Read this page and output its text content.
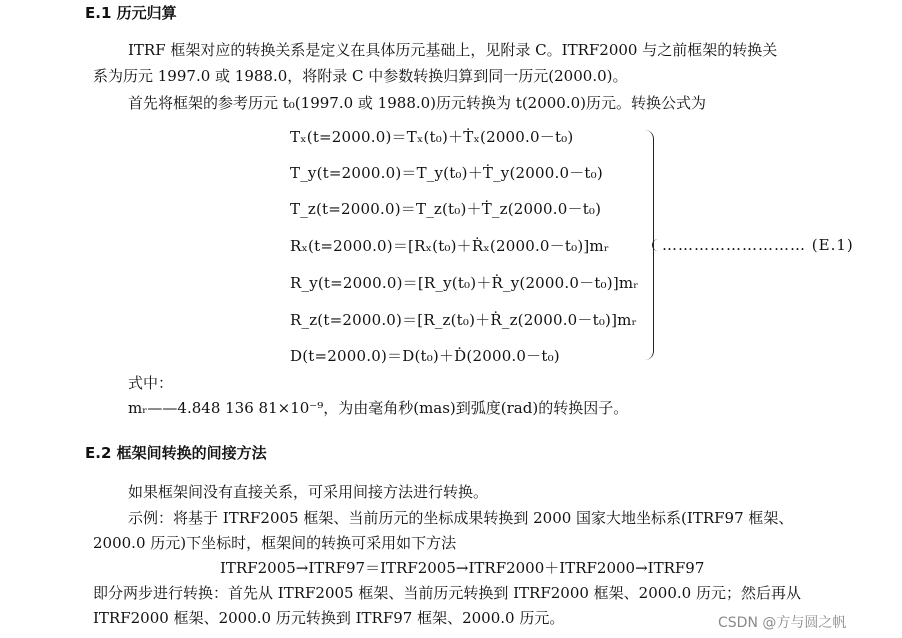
E.1 历元归算
ITRF 框架对应的转换关系是定义在具体历元基础上，见附录 C。ITRF2000 与之前框架的转换关
系为历元 1997.0 或 1988.0，将附录 C 中参数转换归算到同一历元(2000.0)。
首先将框架的参考历元 t₀(1997.0 或 1988.0)历元转换为 t(2000.0)历元。转换公式为
Tₓ(t=2000.0)＝Tₓ(t₀)＋Ṫₓ(2000.0－t₀)
T_y(t=2000.0)＝T_y(t₀)＋Ṫ_y(2000.0－t₀)
T_z(t=2000.0)＝T_z(t₀)＋Ṫ_z(2000.0－t₀)
Rₓ(t=2000.0)＝[Rₓ(t₀)＋Ṙₓ(2000.0－t₀)]mᵣ
R_y(t=2000.0)＝[R_y(t₀)＋Ṙ_y(2000.0－t₀)]mᵣ
R_z(t=2000.0)＝[R_z(t₀)＋Ṙ_z(2000.0－t₀)]mᵣ
D(t=2000.0)＝D(t₀)＋Ḋ(2000.0－t₀)
……………………… (E.1)
式中：
mᵣ——4.848 136 81×10⁻⁹，为由毫角秒(mas)到弧度(rad)的转换因子。
E.2 框架间转换的间接方法
如果框架间没有直接关系，可采用间接方法进行转换。
示例：将基于 ITRF2005 框架、当前历元的坐标成果转换到 2000 国家大地坐标系(ITRF97 框架、
2000.0 历元)下坐标时，框架间的转换可采用如下方法
ITRF2005→ITRF97＝ITRF2005→ITRF2000＋ITRF2000→ITRF97
即分两步进行转换：首先从 ITRF2005 框架、当前历元转换到 ITRF2000 框架、2000.0 历元；然后再从
ITRF2000 框架、2000.0 历元转换到 ITRF97 框架、2000.0 历元。	CSDN @方与圆之帆
